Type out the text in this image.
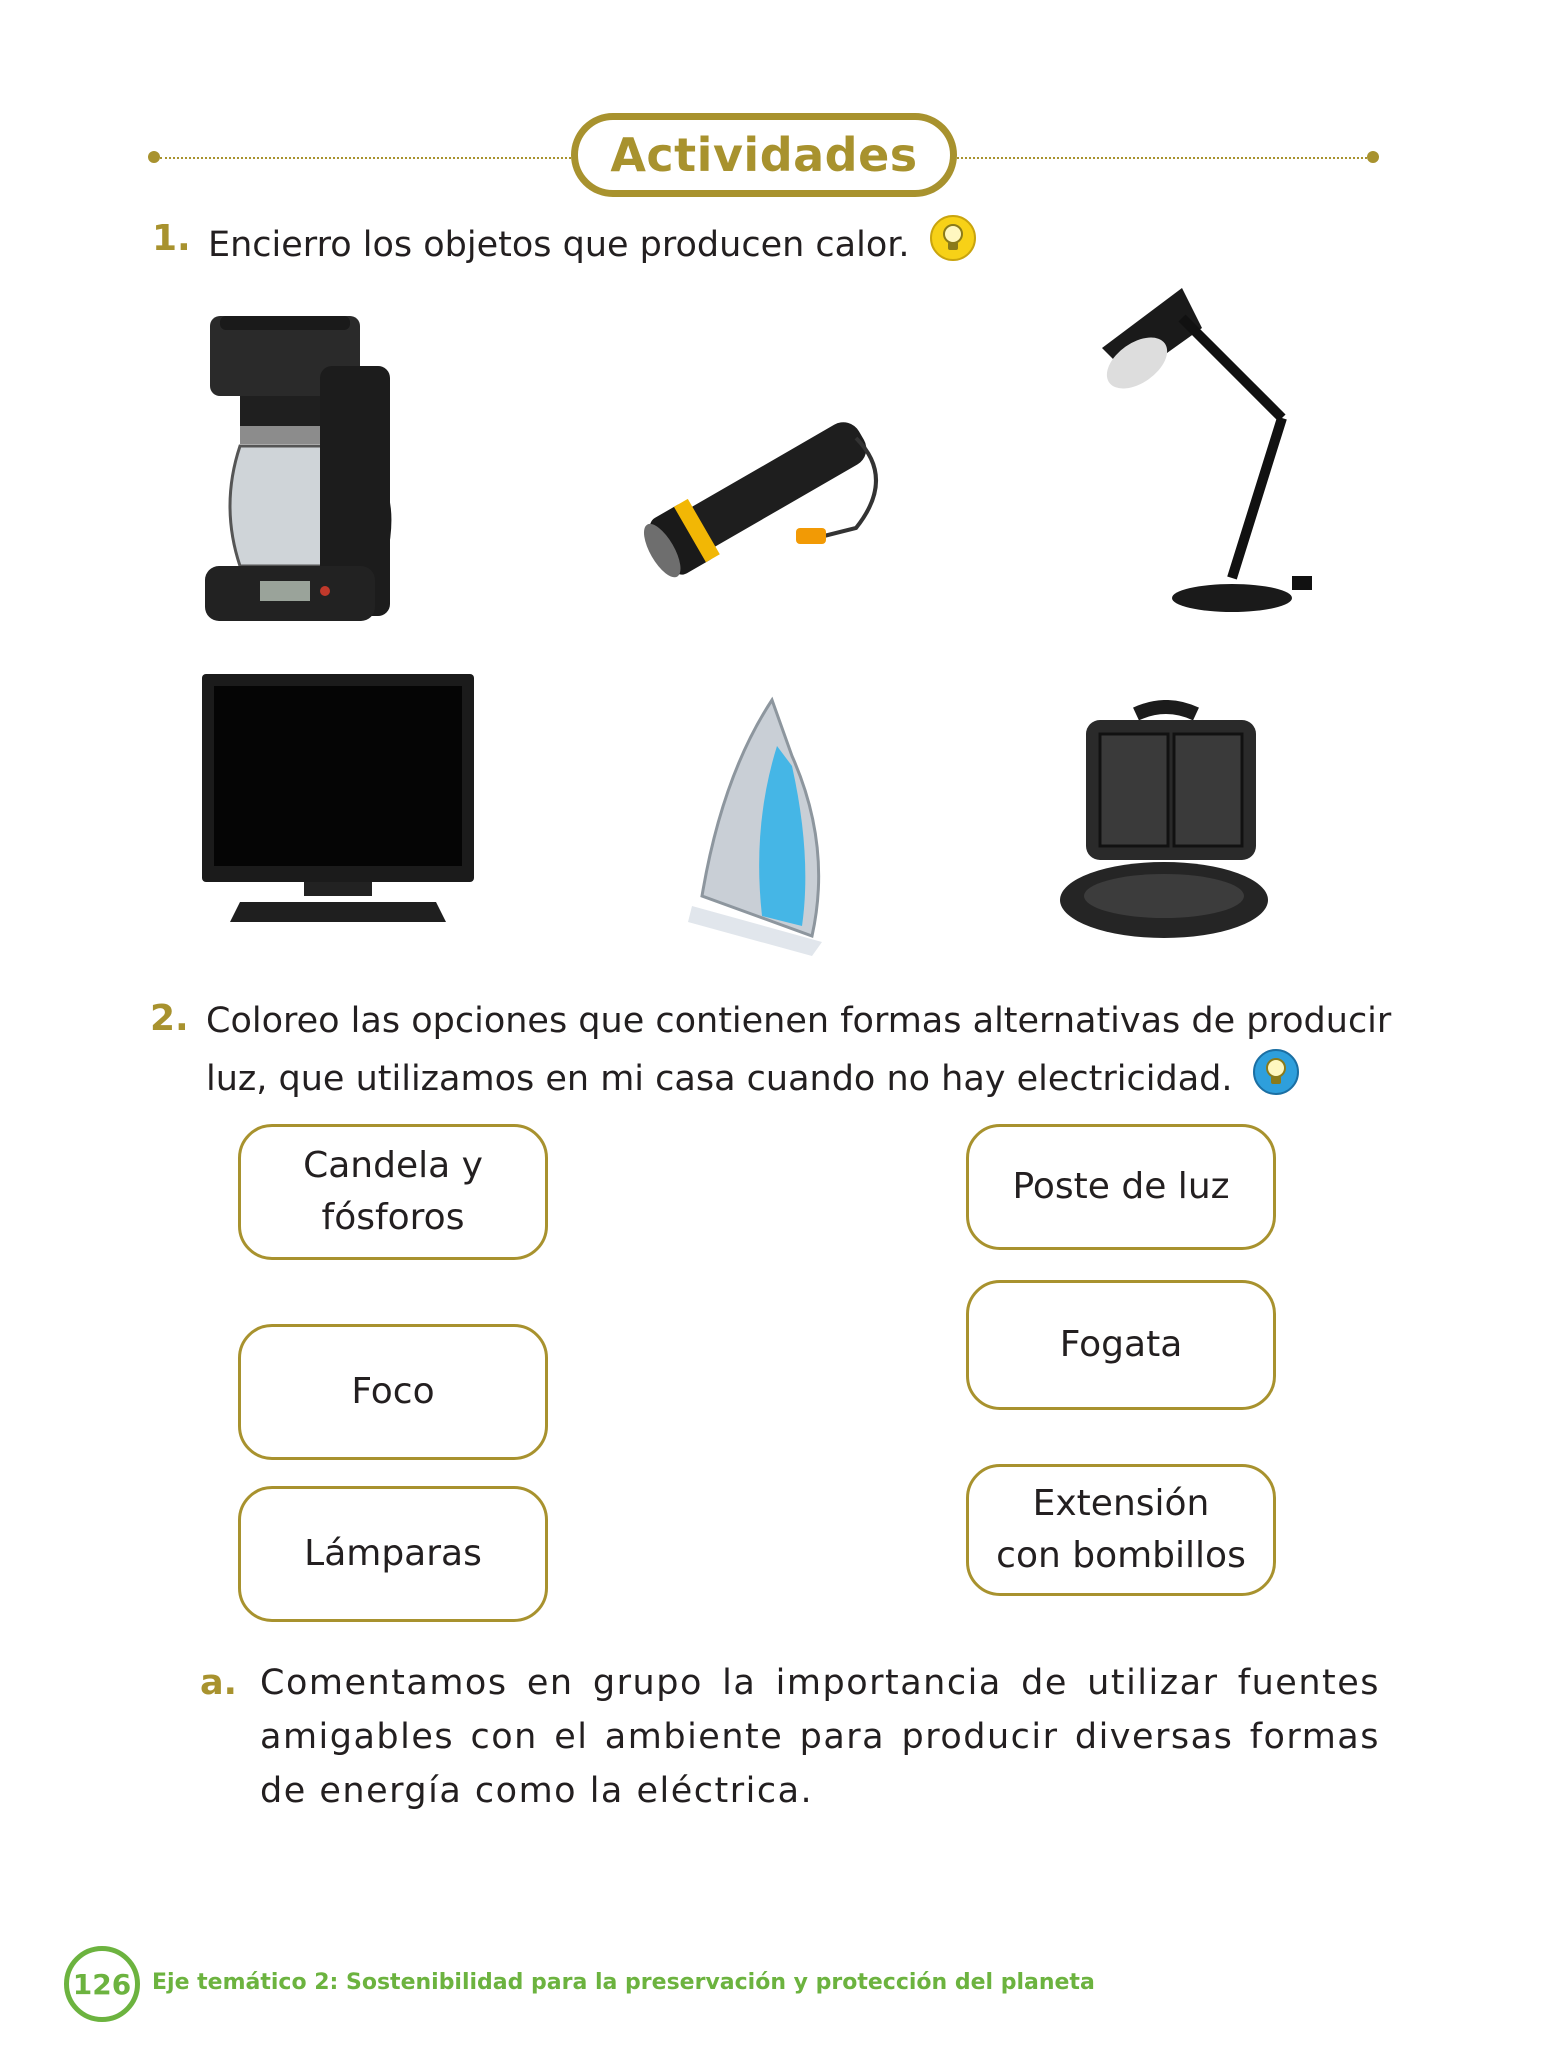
Actividades
1. Encierro los objetos que producen calor.
2. Coloreo las opciones que contienen formas alternativas de producir
luz, que utilizamos en mi casa cuando no hay electricidad.
Candela y
fósforos
Poste de luz
Foco
Fogata
Lámparas
Extensión
con bombillos
a. Comentamos en grupo la importancia de utilizar fuentes amigables con el ambiente para producir diversas formas de energía como la eléctrica.
126 Eje temático 2: Sostenibilidad para la preservación y protección del planeta
